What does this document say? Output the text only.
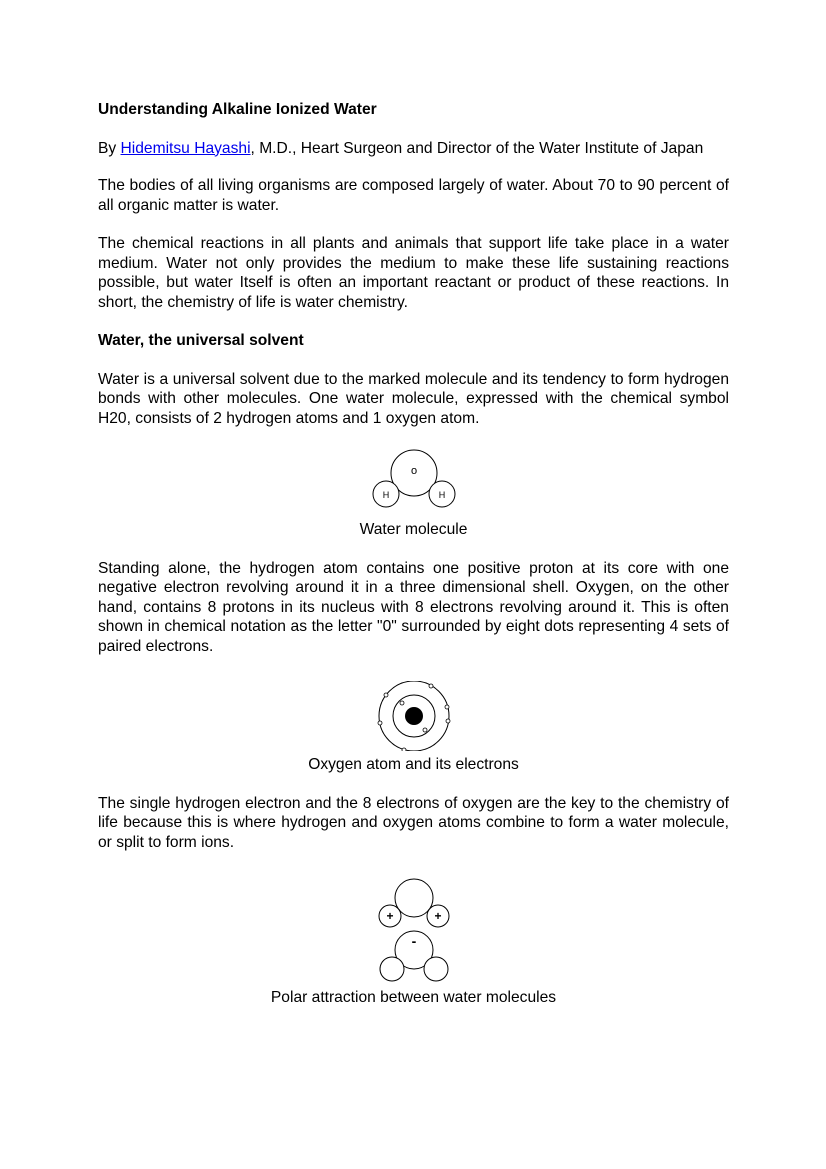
Understanding Alkaline Ionized Water

By Hidemitsu Hayashi, M.D., Heart Surgeon and Director of the Water Institute of Japan

The bodies of all living organisms are composed largely of water. About 70 to 90 percent of all organic matter is water.

The chemical reactions in all plants and animals that support life take place in a water medium. Water not only provides the medium to make these life sustaining reactions possible, but water Itself is often an important reactant or product of these reactions. In short, the chemistry of life is water chemistry.

Water, the universal solvent

Water is a universal solvent due to the marked molecule and its tendency to form hydrogen bonds with other molecules. One water molecule, expressed with the chemical symbol H20, consists of 2 hydrogen atoms and 1 oxygen atom.

o
H	H

Water molecule

Standing alone, the hydrogen atom contains one positive proton at its core with one negative electron revolving around it in a three dimensional shell. Oxygen, on the other hand, contains 8 protons in its nucleus with 8 electrons revolving around it. This is often shown in chemical notation as the letter "0" surrounded by eight dots representing 4 sets of paired electrons.

Oxygen atom and its electrons

The single hydrogen electron and the 8 electrons of oxygen are the key to the chemistry of life because this is where hydrogen and oxygen atoms combine to form a water molecule, or split to form ions.

+	+
-

Polar attraction between water molecules
